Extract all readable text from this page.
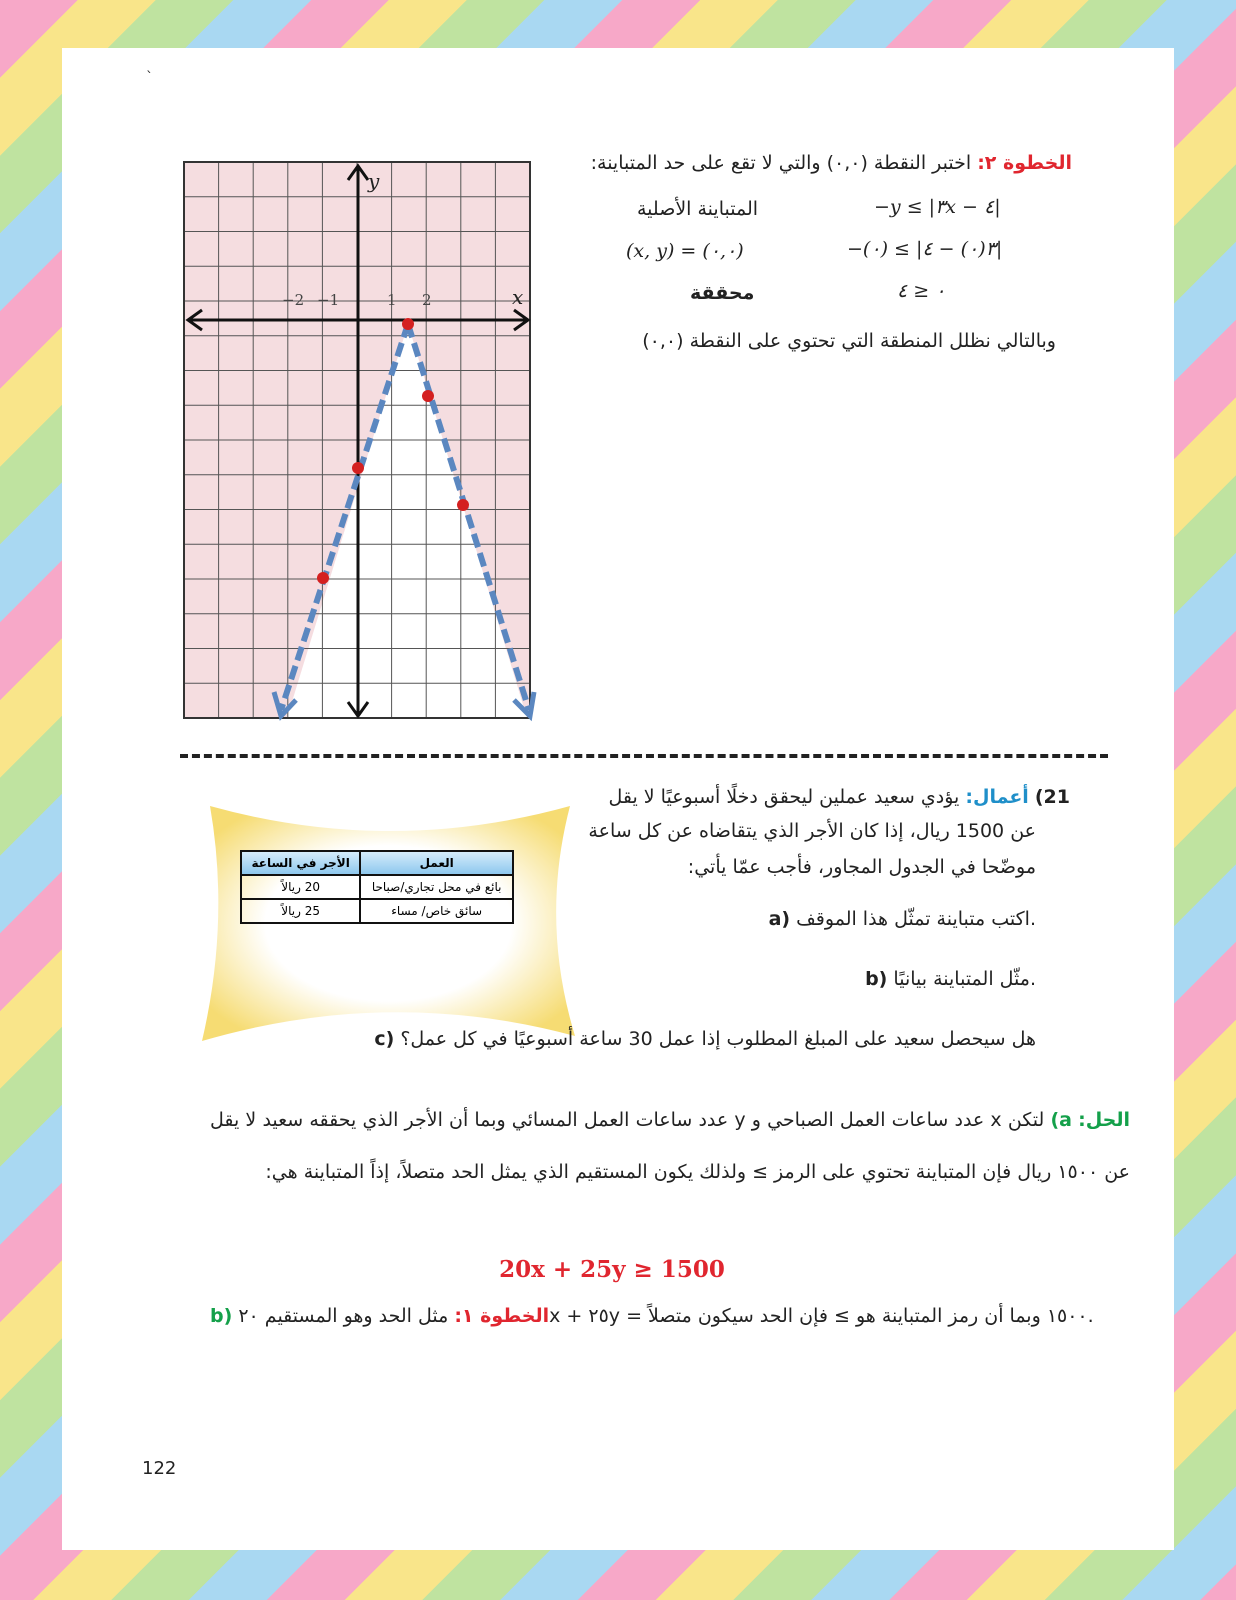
`
y
x
−2 −1	1 2
الخطوة ٢: اختبر النقطة (٠,٠) والتي لا تقع على حد المتباينة:
المتباينة الأصلية	−y ≤ |٣x − ٤|
(x, y) = (٠,٠)	−(٠) ≤ |٣(٠) − ٤|
محققة	٠ ≤ ٤
وبالتالي نظلل المنطقة التي تحتوي على النقطة (٠,٠)
الأجر في الساعة	العمل
20 ريالاً	بائع في محل تجاري/صباحا
25 ريالاً	سائق خاص/ مساء
21) أعمال: يؤدي سعيد عملين ليحقق دخلًا أسبوعيًا لا يقل
عن 1500 ريال، إذا كان الأجر الذي يتقاضاه عن كل ساعة
موضّحا في الجدول المجاور، فأجب عمّا يأتي:
a) اكتب متباينة تمثّل هذا الموقف.
b) مثّل المتباينة بيانيًا.
c) هل سيحصل سعيد على المبلغ المطلوب إذا عمل 30 ساعة أسبوعيًا في كل عمل؟
الحل: a) لتكن x عدد ساعات العمل الصباحي و y عدد ساعات العمل المسائي وبما أن الأجر الذي يحققه سعيد لا يقل عن ١٥٠٠ ريال فإن المتباينة تحتوي على الرمز ≥ ولذلك يكون المستقيم الذي يمثل الحد متصلاً، إذاً المتباينة هي:
20x + 25y ≥ 1500
b)	الخطوة ١: مثل الحد وهو المستقيم ٢٠x + ٢٥y = ١٥٠٠ وبما أن رمز المتباينة هو ≥ فإن الحد سيكون متصلاً.
122
